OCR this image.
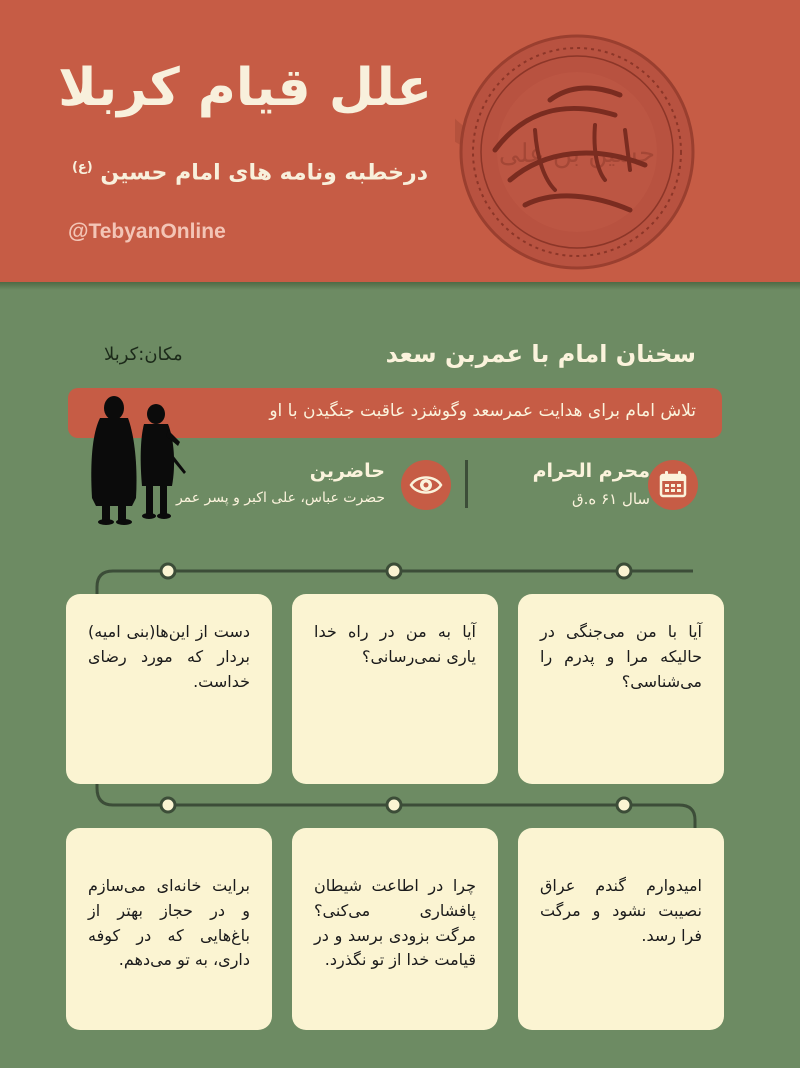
حسین بن علی
علل قیام کربلا
درخطبه ونامه های امام حسین $^{(ع)}$
@TebyanOnline
سخنان امام با عمربن سعد
مکان:کربلا
تلاش امام برای هدایت عمرسعد وگوشزد عاقبت جنگیدن با او
محرم الحرام
سال ۶۱ ه.ق
حاضرین
حضرت عباس، علی اکبر و پسر عمر
آیا با من می‌جنگی در حالیکه مرا و پدرم را می‌شناسی؟
آیا به من در راه خدا یاری نمی‌رسانی؟
دست از این‌ها(بنی امیه) بردار که مورد رضای خداست.
امیدوارم گندم عراق نصیبت نشود و مرگت فرا رسد.
چرا در اطاعت شیطان پافشاری می‌کنی؟ مرگت بزودی برسد و در قیامت خدا از تو نگذرد.
برایت خانه‌ای می‌سازم و در حجاز بهتر از باغ‌هایی که در کوفه داری، به تو می‌دهم.
